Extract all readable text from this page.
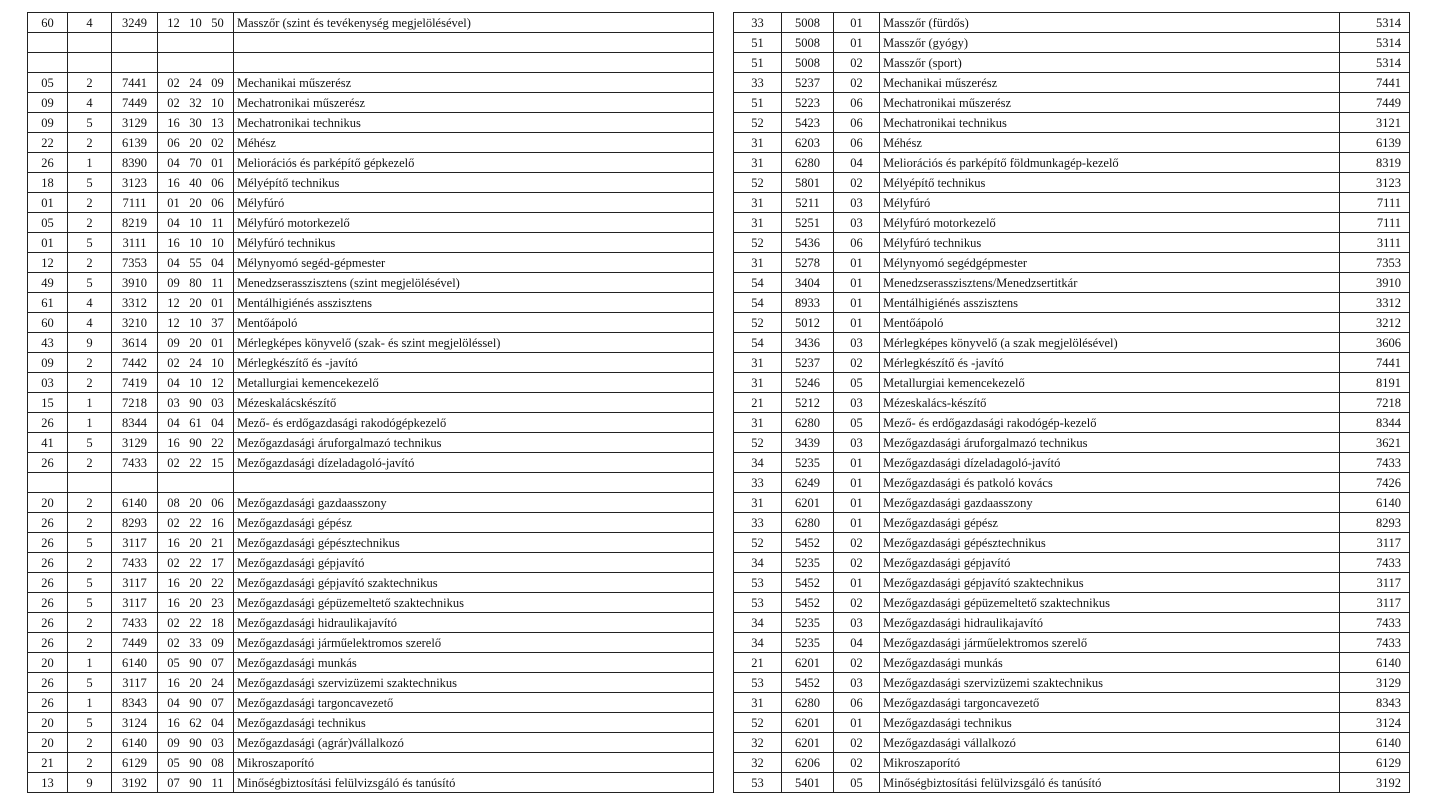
60	4	3249	12 10 50	Masszőr (szint és tevékenység megjelölésével)

05	2	7441	02 24 09	Mechanikai műszerész
09	4	7449	02 32 10	Mechatronikai műszerész
09	5	3129	16 30 13	Mechatronikai technikus
22	2	6139	06 20 02	Méhész
26	1	8390	04 70 01	Meliorációs és parképítő gépkezelő
18	5	3123	16 40 06	Mélyépítő technikus
01	2	7111	01 20 06	Mélyfúró
05	2	8219	04 10 11	Mélyfúró motorkezelő
01	5	3111	16 10 10	Mélyfúró technikus
12	2	7353	04 55 04	Mélynyomó segéd-gépmester
49	5	3910	09 80 11	Menedzserasszisztens (szint megjelölésével)
61	4	3312	12 20 01	Mentálhigiénés asszisztens
60	4	3210	12 10 37	Mentőápoló
43	9	3614	09 20 01	Mérlegképes könyvelő (szak- és szint megjelöléssel)
09	2	7442	02 24 10	Mérlegkészítő és -javító
03	2	7419	04 10 12	Metallurgiai kemencekezelő
15	1	7218	03 90 03	Mézeskalácskészítő
26	1	8344	04 61 04	Mező- és erdőgazdasági rakodógépkezelő
41	5	3129	16 90 22	Mezőgazdasági áruforgalmazó technikus
26	2	7433	02 22 15	Mezőgazdasági dízeladagoló-javító

20	2	6140	08 20 06	Mezőgazdasági gazdaasszony
26	2	8293	02 22 16	Mezőgazdasági gépész
26	5	3117	16 20 21	Mezőgazdasági gépésztechnikus
26	2	7433	02 22 17	Mezőgazdasági gépjavító
26	5	3117	16 20 22	Mezőgazdasági gépjavító szaktechnikus
26	5	3117	16 20 23	Mezőgazdasági gépüzemeltető szaktechnikus
26	2	7433	02 22 18	Mezőgazdasági hidraulikajavító
26	2	7449	02 33 09	Mezőgazdasági járműelektromos szerelő
20	1	6140	05 90 07	Mezőgazdasági munkás
26	5	3117	16 20 24	Mezőgazdasági szervizüzemi szaktechnikus
26	1	8343	04 90 07	Mezőgazdasági targoncavezető
20	5	3124	16 62 04	Mezőgazdasági technikus
20	2	6140	09 90 03	Mezőgazdasági (agrár)vállalkozó
21	2	6129	05 90 08	Mikroszaporító
13	9	3192	07 90 11	Minőségbiztosítási felülvizsgáló és tanúsító
33	5008	01	Masszőr (fürdős)	5314
51	5008	01	Masszőr (gyógy)	5314
51	5008	02	Masszőr (sport)	5314
33	5237	02	Mechanikai műszerész	7441
51	5223	06	Mechatronikai műszerész	7449
52	5423	06	Mechatronikai technikus	3121
31	6203	06	Méhész	6139
31	6280	04	Meliorációs és parképítő földmunkagép-kezelő	8319
52	5801	02	Mélyépítő technikus	3123
31	5211	03	Mélyfúró	7111
31	5251	03	Mélyfúró motorkezelő	7111
52	5436	06	Mélyfúró technikus	3111
31	5278	01	Mélynyomó segédgépmester	7353
54	3404	01	Menedzserasszisztens/Menedzsertitkár	3910
54	8933	01	Mentálhigiénés asszisztens	3312
52	5012	01	Mentőápoló	3212
54	3436	03	Mérlegképes könyvelő (a szak megjelölésével)	3606
31	5237	02	Mérlegkészítő és -javító	7441
31	5246	05	Metallurgiai kemencekezelő	8191
21	5212	03	Mézeskalács-készítő	7218
31	6280	05	Mező- és erdőgazdasági rakodógép-kezelő	8344
52	3439	03	Mezőgazdasági áruforgalmazó technikus	3621
34	5235	01	Mezőgazdasági dízeladagoló-javító	7433
33	6249	01	Mezőgazdasági és patkoló kovács	7426
31	6201	01	Mezőgazdasági gazdaasszony	6140
33	6280	01	Mezőgazdasági gépész	8293
52	5452	02	Mezőgazdasági gépésztechnikus	3117
34	5235	02	Mezőgazdasági gépjavító	7433
53	5452	01	Mezőgazdasági gépjavító szaktechnikus	3117
53	5452	02	Mezőgazdasági gépüzemeltető szaktechnikus	3117
34	5235	03	Mezőgazdasági hidraulikajavító	7433
34	5235	04	Mezőgazdasági járműelektromos szerelő	7433
21	6201	02	Mezőgazdasági munkás	6140
53	5452	03	Mezőgazdasági szervizüzemi szaktechnikus	3129
31	6280	06	Mezőgazdasági targoncavezető	8343
52	6201	01	Mezőgazdasági technikus	3124
32	6201	02	Mezőgazdasági vállalkozó	6140
32	6206	02	Mikroszaporító	6129
53	5401	05	Minőségbiztosítási felülvizsgáló és tanúsító	3192
